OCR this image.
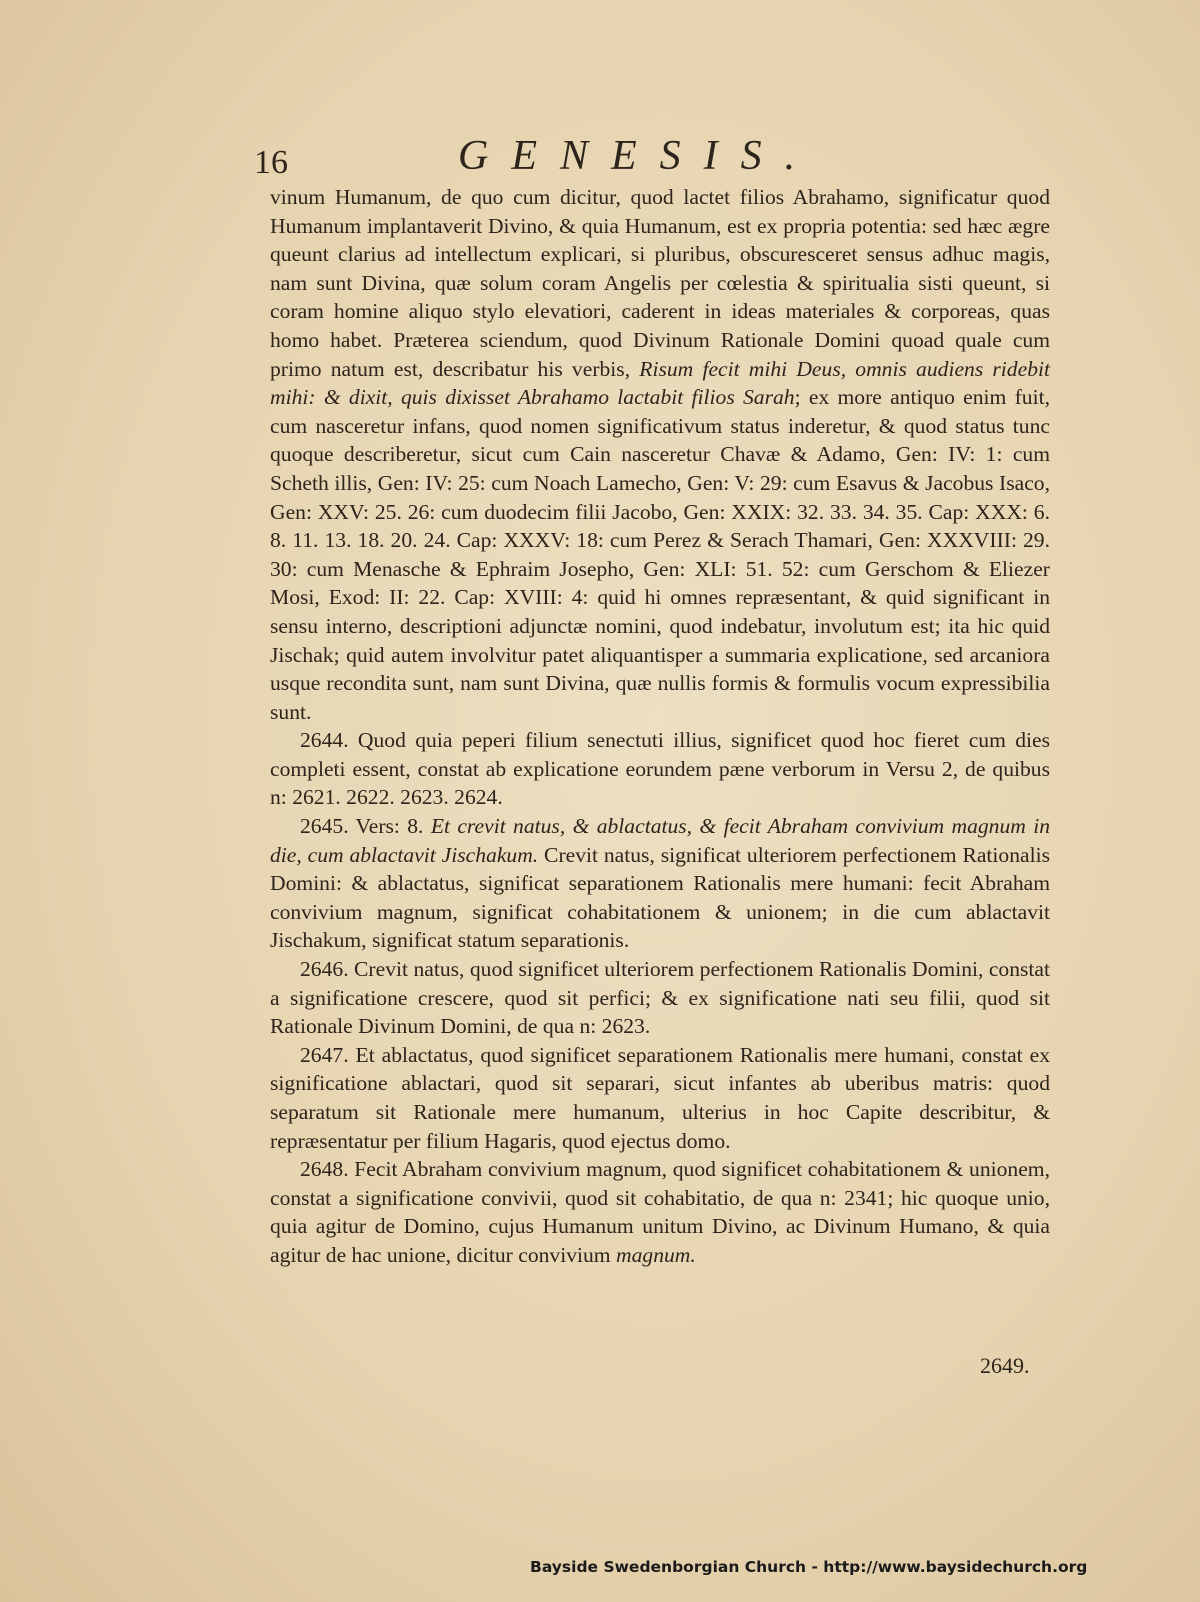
16	GENESIS.

vinum Humanum, de quo cum dicitur, quod lactet filios Abrahamo, significatur quod Humanum implantaverit Divino, & quia Humanum, est ex propria potentia: sed hæc ægre queunt clarius ad intellectum explicari, si pluribus, obscuresceret sensus adhuc magis, nam sunt Divina, quæ solum coram Angelis per cœlestia & spiritualia sisti queunt, si coram homine aliquo stylo elevatiori, caderent in ideas materiales & corporeas, quas homo habet. Præterea sciendum, quod Divinum Rationale Domini quoad quale cum primo natum est, describatur his verbis, Risum fecit mihi Deus, omnis audiens ridebit mihi: & dixit, quis dixisset Abrahamo lactabit filios Sarah; ex more antiquo enim fuit, cum nasceretur infans, quod nomen significativum status inderetur, & quod status tunc quoque describeretur, sicut cum Cain nasceretur Chavæ & Adamo, Gen: IV: 1: cum Scheth illis, Gen: IV: 25: cum Noach Lamecho, Gen: V: 29: cum Esavus & Jacobus Isaco, Gen: XXV: 25. 26: cum duodecim filii Jacobo, Gen: XXIX: 32. 33. 34. 35. Cap: XXX: 6. 8. 11. 13. 18. 20. 24. Cap: XXXV: 18: cum Perez & Serach Thamari, Gen: XXXVIII: 29. 30: cum Menasche & Ephraim Josepho, Gen: XLI: 51. 52: cum Gerschom & Eliezer Mosi, Exod: II: 22. Cap: XVIII: 4: quid hi omnes repræsentant, & quid significant in sensu interno, descriptioni adjunctæ nomini, quod indebatur, involutum est; ita hic quid Jischak; quid autem involvitur patet aliquantisper a summaria explicatione, sed arcaniora usque recondita sunt, nam sunt Divina, quæ nullis formis & formulis vocum expressibilia sunt.

2644. Quod quia peperi filium senectuti illius, significet quod hoc fieret cum dies completi essent, constat ab explicatione eorundem pæne verborum in Versu 2, de quibus n: 2621. 2622. 2623. 2624.

2645. Vers: 8. Et crevit natus, & ablactatus, & fecit Abraham convivium magnum in die, cum ablactavit Jischakum. Crevit natus, significat ulteriorem perfectionem Rationalis Domini: & ablactatus, significat separationem Rationalis mere humani: fecit Abraham convivium magnum, significat cohabitationem & unionem; in die cum ablactavit Jischakum, significat statum separationis.

2646. Crevit natus, quod significet ulteriorem perfectionem Rationalis Domini, constat a significatione crescere, quod sit perfici; & ex significatione nati seu filii, quod sit Rationale Divinum Domini, de qua n: 2623.

2647. Et ablactatus, quod significet separationem Rationalis mere humani, constat ex significatione ablactari, quod sit separari, sicut infantes ab uberibus matris: quod separatum sit Rationale mere humanum, ulterius in hoc Capite describitur, & repræsentatur per filium Hagaris, quod ejectus domo.

2648. Fecit Abraham convivium magnum, quod significet cohabitationem & unionem, constat a significatione convivii, quod sit cohabitatio, de qua n: 2341; hic quoque unio, quia agitur de Domino, cujus Humanum unitum Divino, ac Divinum Humano, & quia agitur de hac unione, dicitur convivium magnum.

2649.
Bayside Swedenborgian Church - http://www.baysidechurch.org
